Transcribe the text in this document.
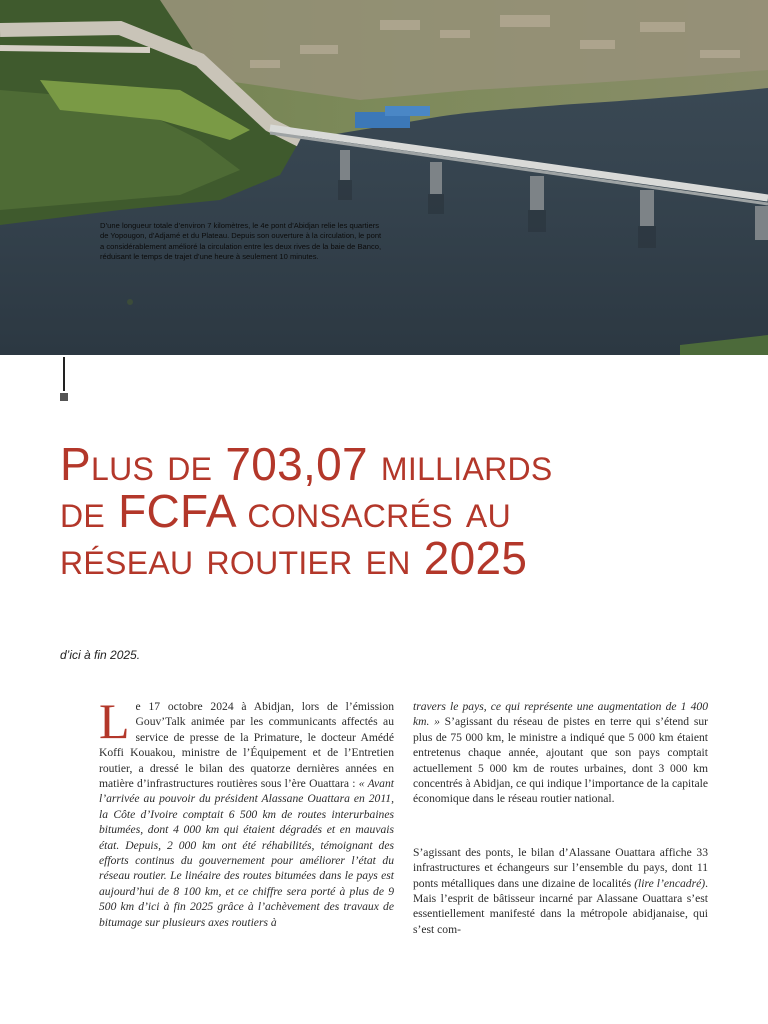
D’une longueur totale d’environ 7 kilomètres, le 4e pont d’Abidjan relie les quartiers de Yopougon, d’Adjamé et du Plateau. Depuis son ouverture à la circulation, le pont a considérablement amélioré la circulation entre les deux rives de la baie de Banco, réduisant le temps de trajet d’une heure à seulement 10 minutes.
Plus de 703,07 milliards
de FCFA consacrés au
réseau routier en 2025
d’ici à fin 2025.

Le 17 octobre 2024 à Abidjan, lors de l’émission Gouv’Talk animée par les communicants affectés au service de presse de la Primature, le docteur Amédé Koffi Kouakou, ministre de l’Équipement et de l’Entretien routier, a dressé le bilan des quatorze dernières années en matière d’infrastructures routières sous l’ère Ouattara : « Avant l’arrivée au pouvoir du président Alassane Ouattara en 2011, la Côte d’Ivoire comptait 6 500 km de routes interurbaines bitumées, dont 4 000 km qui étaient dégradés et en mauvais état. Depuis, 2 000 km ont été réhabilités, témoignant des efforts continus du gouvernement pour améliorer l’état du réseau routier. Le linéaire des routes bitumées dans le pays est aujourd’hui de 8 100 km, et ce chiffre sera porté à plus de 9 500 km d’ici à fin 2025 grâce à l’achèvement des travaux de bitumage sur plusieurs axes routiers à

travers le pays, ce qui représente une augmentation de 1 400 km. » S’agissant du réseau de pistes en terre qui s’étend sur plus de 75 000 km, le ministre a indiqué que 5 000 km étaient entretenus chaque année, ajoutant que son pays comptait actuellement 5 000 km de routes urbaines, dont 3 000 km concentrés à Abidjan, ce qui indique l’importance de la capitale économique dans le réseau routier national.

S’agissant des ponts, le bilan d’Alassane Ouattara affiche 33 infrastructures et échangeurs sur l’ensemble du pays, dont 11 ponts métalliques dans une dizaine de localités (lire l’encadré). Mais l’esprit de bâtisseur incarné par Alassane Ouattara s’est essentiellement manifesté dans la métropole abidjanaise, qui s’est com-
